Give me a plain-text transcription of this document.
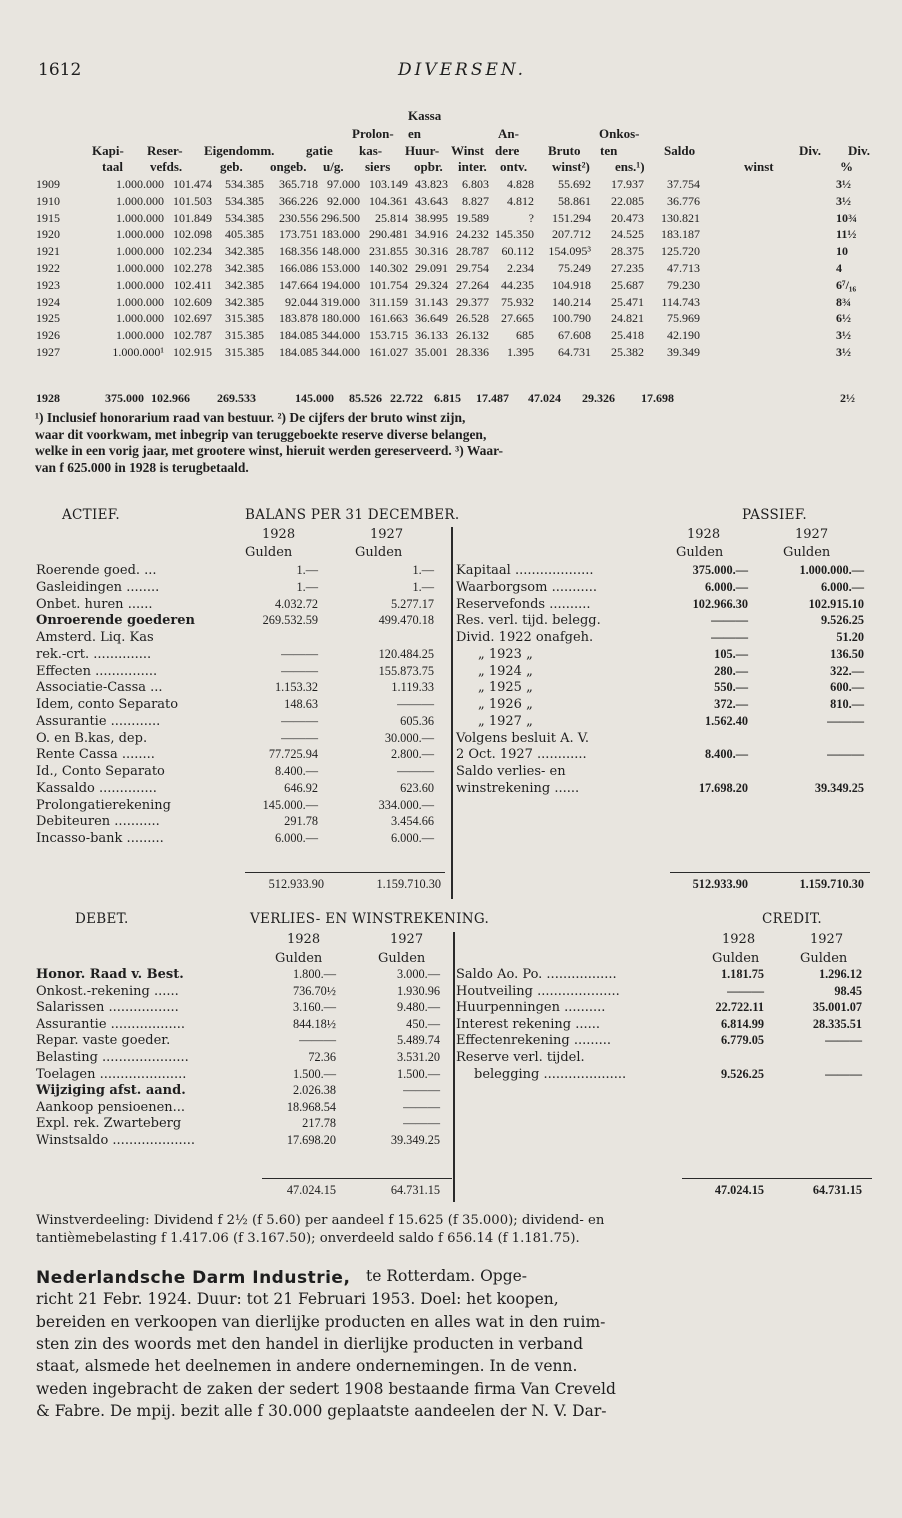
1612	DIVERSEN.
Kassa
Prolon- en	An-	Onkos-
Kapi- Reser- Eigendomm. gatie kas- Huur- Winst dere Bruto ten	Saldo	Div. Div.
taal vefds.	geb. ongeb. u/g. siers opbr. inter. ontv. winst²) ens.¹)	winst	%
1909	1.000.000 101.474 534.385 365.718 97.000 103.149 43.823 6.803 4.828 55.692 17.937 37.754	3½
1910	1.000.000 101.503 534.385 366.226 92.000 104.361 43.643 8.827 4.812 58.861 22.085 36.776	3½
1915	1.000.000 101.849 534.385 230.556 296.500 25.814 38.995 19.589	? 151.294 20.473 130.821	10¾
1920	1.000.000 102.098 405.385 173.751 183.000 290.481 34.916 24.232 145.350 207.712 24.525 183.187	11½
1921	1.000.000 102.234 342.385 168.356 148.000 231.855 30.316 28.787 60.112 154.095³ 28.375 125.720	10
1922	1.000.000 102.278 342.385 166.086 153.000 140.302 29.091 29.754 2.234 75.249 27.235 47.713	4
1923	1.000.000 102.411 342.385 147.664 194.000 101.754 29.324 27.264 44.235 104.918 25.687 79.230	6⁷/₁₆
1924	1.000.000 102.609 342.385 92.044 319.000 311.159 31.143 29.377 75.932 140.214 25.471 114.743	8¾
1925	1.000.000 102.697 315.385 183.878 180.000 161.663 36.649 26.528 27.665 100.790 24.821 75.969	6½
1926	1.000.000 102.787 315.385 184.085 344.000 153.715 36.133 26.132 685 67.608 25.418 42.190	3½
1927	1.000.000¹ 102.915 315.385 184.085 344.000 161.027 35.001 28.336 1.395 64.731 25.382 39.349	3½
1928	375.000 102.966 269.533	145.000 85.526 22.722 6.815 17.487 47.024 29.326 17.698	2½
¹) Inclusief honorarium raad van bestuur. ²) De cijfers der bruto winst zijn,
waar dit voorkwam, met inbegrip van teruggeboekte reserve diverse belangen,
welke in een vorig jaar, met grootere winst, hieruit werden gereserveerd. ³) Waar-
van f 625.000 in 1928 is terugbetaald.
ACTIEF.	BALANS PER 31 DECEMBER.	PASSIEF.
1928	1927
Gulden	Gulden
1928	1927
Gulden	Gulden
Roerende goed. ...	1.—	1.—
Gasleidingen ........	1.—	1.—
Onbet. huren ......	4.032.72	5.277.17
Onroerende goederen	269.532.59	499.470.18
Amsterd. Liq. Kas
rek.-crt. ..............	———	120.484.25
Effecten ...............	———	155.873.75
Associatie-Cassa ...	1.153.32	1.119.33
Idem, conto Separato	148.63	———
Assurantie ............	———	605.36
O. en B.kas, dep.	———	30.000.—
Rente Cassa ........	77.725.94	2.800.—
Id., Conto Separato	8.400.—	———
Kassaldo ..............	646.92	623.60
Prolongatierekening	145.000.—	334.000.—
Debiteuren ...........	291.78	3.454.66
Incasso-bank .........	6.000.—	6.000.—
Kapitaal ...................	375.000.—	1.000.000.—
Waarborgsom ...........	6.000.—	6.000.—
Reservefonds ..........	102.966.30	102.915.10
Res. verl. tijd. belegg.	———	9.526.25
Divid. 1922 onafgeh.	———	51.20
„ 1923 „	105.—	136.50
„ 1924 „	280.—	322.—
„ 1925 „	550.—	600.—
„ 1926 „	372.—	810.—
„ 1927 „	1.562.40	———
Volgens besluit A. V.
2 Oct. 1927 ............	8.400.—	———
Saldo verlies- en
winstrekening ......	17.698.20	39.349.25
512.933.90	1.159.710.30	512.933.90	1.159.710.30
DEBET.	VERLIES- EN WINSTREKENING.	CREDIT.
1928	1927
Gulden	Gulden
1928	1927
Gulden	Gulden
Honor. Raad v. Best.	1.800.—	3.000.—
Onkost.-rekening ......	736.70½	1.930.96
Salarissen .................	3.160.—	9.480.—
Assurantie ..................	844.18½	450.—
Repar. vaste goeder.	———	5.489.74
Belasting .....................	72.36	3.531.20
Toelagen .....................	1.500.—	1.500.—
Wijziging afst. aand.	2.026.38	———
Aankoop pensioenen...	18.968.54	———
Expl. rek. Zwarteberg	217.78	———
Winstsaldo ....................	17.698.20	39.349.25
Saldo Ao. Po. .................	1.181.75	1.296.12
Houtveiling ....................	———	98.45
Huurpenningen ..........	22.722.11	35.001.07
Interest rekening ......	6.814.99	28.335.51
Effectenrekening .........	6.779.05	———
Reserve verl. tijdel.
belegging ....................	9.526.25	———
47.024.15	64.731.15	47.024.15	64.731.15
Winstverdeeling: Dividend f 2½ (f 5.60) per aandeel f 15.625 (f 35.000); dividend- en
tantièmebelasting f 1.417.06 (f 3.167.50); onverdeeld saldo f 656.14 (f 1.181.75).
Nederlandsche Darm Industrie, te Rotterdam. Opge-
richt 21 Febr. 1924. Duur: tot 21 Februari 1953. Doel: het koopen,
bereiden en verkoopen van dierlijke producten en alles wat in den ruim-
sten zin des woords met den handel in dierlijke producten in verband
staat, alsmede het deelnemen in andere ondernemingen. In de venn.
weden ingebracht de zaken der sedert 1908 bestaande firma Van Creveld
& Fabre. De mpij. bezit alle f 30.000 geplaatste aandeelen der N. V. Dar-
